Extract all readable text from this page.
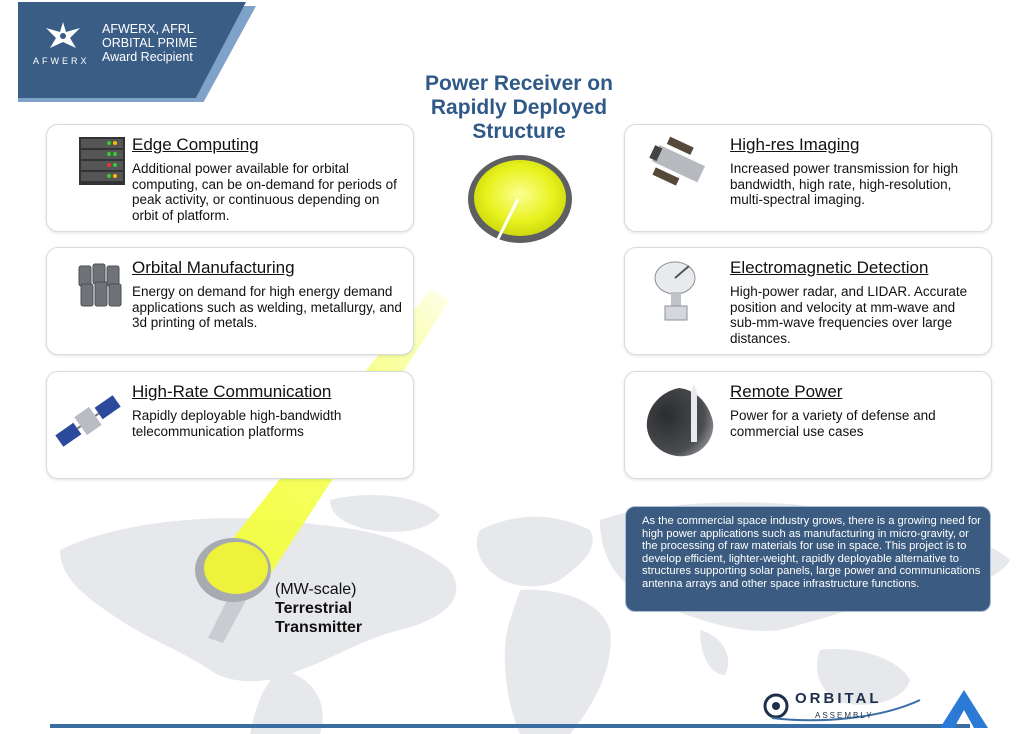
AFWERX
AFWERX, AFRL
ORBITAL PRIME
Award Recipient
Power Receiver on Rapidly Deployed Structure
Edge Computing
Additional power available for orbital computing, can be on-demand for periods of peak activity, or continuous depending on orbit of platform.
Orbital Manufacturing
Energy on demand for high energy demand applications such as welding, metallurgy, and 3d printing of metals.
High-Rate Communication
Rapidly deployable high-bandwidth telecommunication platforms
High-res Imaging
Increased power transmission for high bandwidth, high rate, high-resolution, multi-spectral imaging.
Electromagnetic Detection
High-power radar, and LIDAR. Accurate position and velocity at mm-wave and sub-mm-wave frequencies over large distances.
Remote Power
Power for a variety of defense and commercial use cases
As the commercial space industry grows, there is a growing need for high power applications such as manufacturing in micro-gravity, or the processing of raw materials for use in space. This project is to develop efficient, lighter-weight, rapidly deployable alternative to structures supporting solar panels, large power and communications antenna arrays and other space infrastructure functions.
(MW-scale)
Terrestrial
Transmitter
ORBITAL
ASSEMBLY
